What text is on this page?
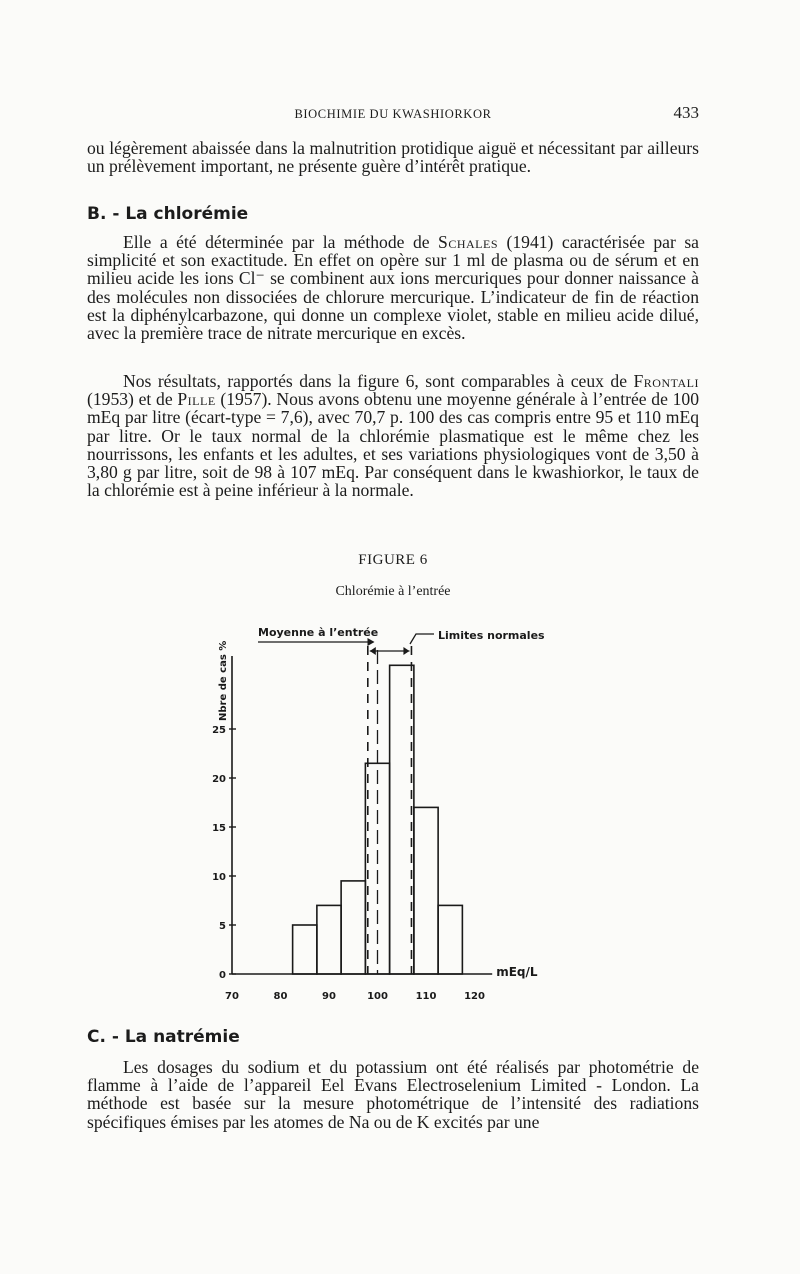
BIOCHIMIE DU KWASHIORKOR	433

ou légèrement abaissée dans la malnutrition protidique aiguë et nécessitant par ailleurs un prélèvement important, ne présente guère d’intérêt pratique.

B. - La chlorémie

Elle a été déterminée par la méthode de Schales (1941) caractérisée par sa simplicité et son exactitude. En effet on opère sur 1 ml de plasma ou de sérum et en milieu acide les ions Cl⁻ se combinent aux ions mercuriques pour donner naissance à des molécules non dissociées de chlorure mercurique. L’indicateur de fin de réaction est la diphénylcarbazone, qui donne un complexe violet, stable en milieu acide dilué, avec la première trace de nitrate mercurique en excès.

Nos résultats, rapportés dans la figure 6, sont comparables à ceux de Frontali (1953) et de Pille (1957). Nous avons obtenu une moyenne générale à l’entrée de 100 mEq par litre (écart-type = 7,6), avec 70,7 p. 100 des cas compris entre 95 et 110 mEq par litre. Or le taux normal de la chlorémie plasmatique est le même chez les nourrissons, les enfants et les adultes, et ses variations physiologiques vont de 3,50 à 3,80 g par litre, soit de 98 à 107 mEq. Par conséquent dans le kwashiorkor, le taux de la chlorémie est à peine inférieur à la normale.

FIGURE 6
Chlorémie à l’entrée
0
5
10
15
20
25
70	80	90	100	110	120
Moyenne à l’entrée	Limites normales
Nbre de cas %
mEq/L
C. - La natrémie

Les dosages du sodium et du potassium ont été réalisés par photométrie de flamme à l’aide de l’appareil Eel Evans Electroselenium Limited - London. La méthode est basée sur la mesure photométrique de l’intensité des radiations spécifiques émises par les atomes de Na ou de K excités par une
